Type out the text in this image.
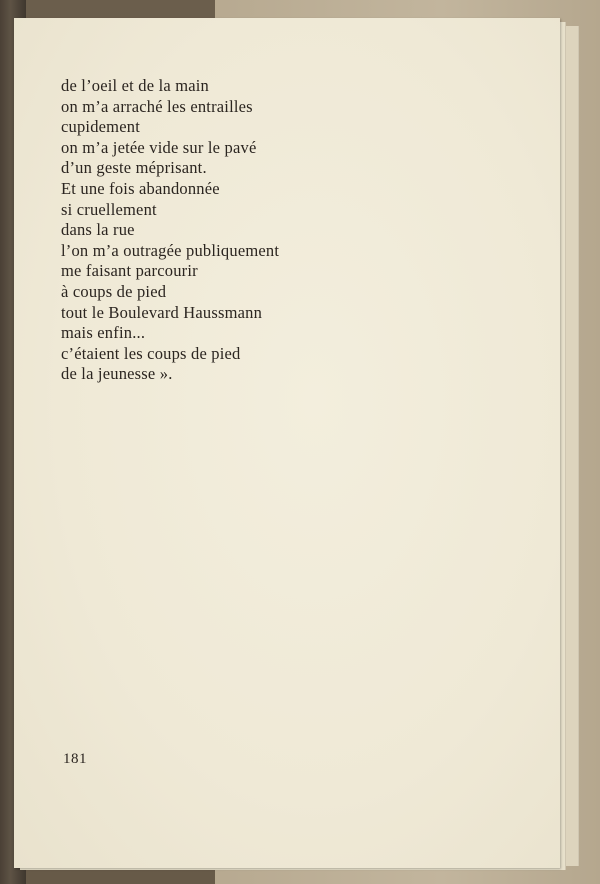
de l’oeil et de la main
on m’a arraché les entrailles
cupidement
on m’a jetée vide sur le pavé
d’un geste méprisant.
Et une fois abandonnée
si cruellement
dans la rue
l’on m’a outragée publiquement
me faisant parcourir
à coups de pied
tout le Boulevard Haussmann
mais enfin...
c’étaient les coups de pied
de la jeunesse ».
181
